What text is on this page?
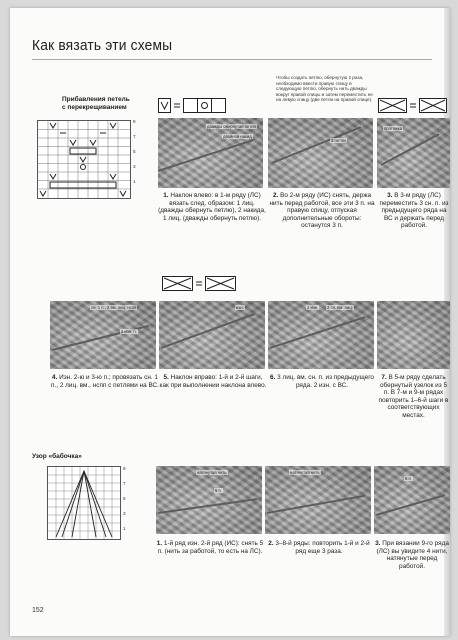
Как вязать эти схемы
Прибавления петель
с перекрещиванием
9
7
5
3
1
Чтобы создать петлю, обернутую 2 раза, необходимо ввести правую спицу в следующую петлю, обернуть нить дважды вокруг правой спицы и затем переместить ее на левую спицу (две петли на правой спице).
дважды обернутая петля
двойной накид
3 петли
протяжка
1. Наклон влево: в 1-м ряду (ЛС) вязать след. образом: 1 лиц. (дважды обернуть петлю), 2 накида, 1 лиц. (дважды обернуть петлю).
2. Во 2-м ряду (ИС) снять, держа нить перед работой, все эти 3 п. на правую спицу, отпуская дополнительные обороты: останутся 3 п.
3. В 3-м ряду (ЛС) переместить 3 сн. п. из предыдущего ряда на ВС и держать перед работой.
сн. 1 п., 2 вм. лиц, нспп
2 изн. п.
изн.	2 изн. 3 сн. вм. лиц.
4. Изн. 2-ю и 3-ю п.; провязать сн. 1 п., 2 лиц. вм., нспп с петлями на ВС.
5. Наклон вправо: 1-й и 2-й шаги, как при выполнении наклона влево.
6. 3 лиц. вм. сн. п. из предыдущего ряда. 2 изн. с ВС.
7. В 5-м ряду сделать обернутый узелок из 5 п. В 7-м и 9-м рядах повторить 1–6-й шаги в соответствующих местах.
Узор «бабочка»
9
7
5
3
1
натянутая нить
5 п.
натянутая нить
5 п.
1. 1-й ряд изн. 2-й ряд (ИС): снять 5 п. (нить за работой, то есть на ЛС).
2. 3–8-й ряды: повторить 1-й и 2-й ряд еще 3 раза.
3. При вязании 9-го ряда (ЛС) вы увидите 4 нити, натянутые перед работой.
152
